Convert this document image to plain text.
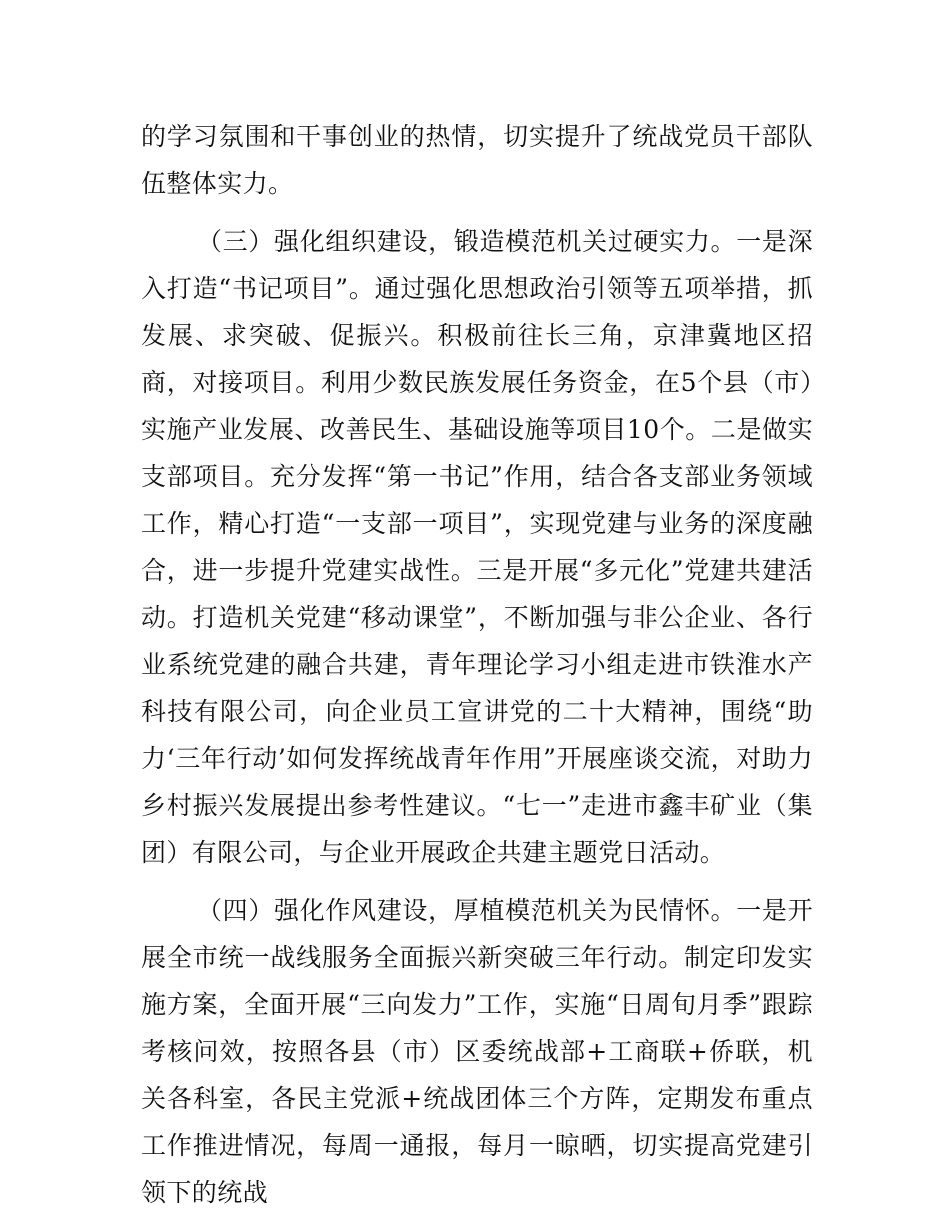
的学习氛围和干事创业的热情，切实提升了统战党员干部队伍整体实力。

（三）强化组织建设，锻造模范机关过硬实力。一是深入打造“书记项目”。通过强化思想政治引领等五项举措，抓发展、求突破、促振兴。积极前往长三角，京津冀地区招商，对接项目。利用少数民族发展任务资金，在5个县（市）实施产业发展、改善民生、基础设施等项目10个。二是做实支部项目。充分发挥“第一书记”作用，结合各支部业务领域工作，精心打造“一支部一项目”，实现党建与业务的深度融合，进一步提升党建实战性。三是开展“多元化”党建共建活动。打造机关党建“移动课堂”，不断加强与非公企业、各行业系统党建的融合共建，青年理论学习小组走进市铁淮水产科技有限公司，向企业员工宣讲党的二十大精神，围绕“助力‘三年行动’如何发挥统战青年作用”开展座谈交流，对助力乡村振兴发展提出参考性建议。“七一”走进市鑫丰矿业（集团）有限公司，与企业开展政企共建主题党日活动。

（四）强化作风建设，厚植模范机关为民情怀。一是开展全市统一战线服务全面振兴新突破三年行动。制定印发实施方案，全面开展“三向发力”工作，实施“日周旬月季”跟踪考核问效，按照各县（市）区委统战部+工商联+侨联，机关各科室，各民主党派+统战团体三个方阵，定期发布重点工作推进情况，每周一通报，每月一晾晒，切实提高党建引领下的统战
